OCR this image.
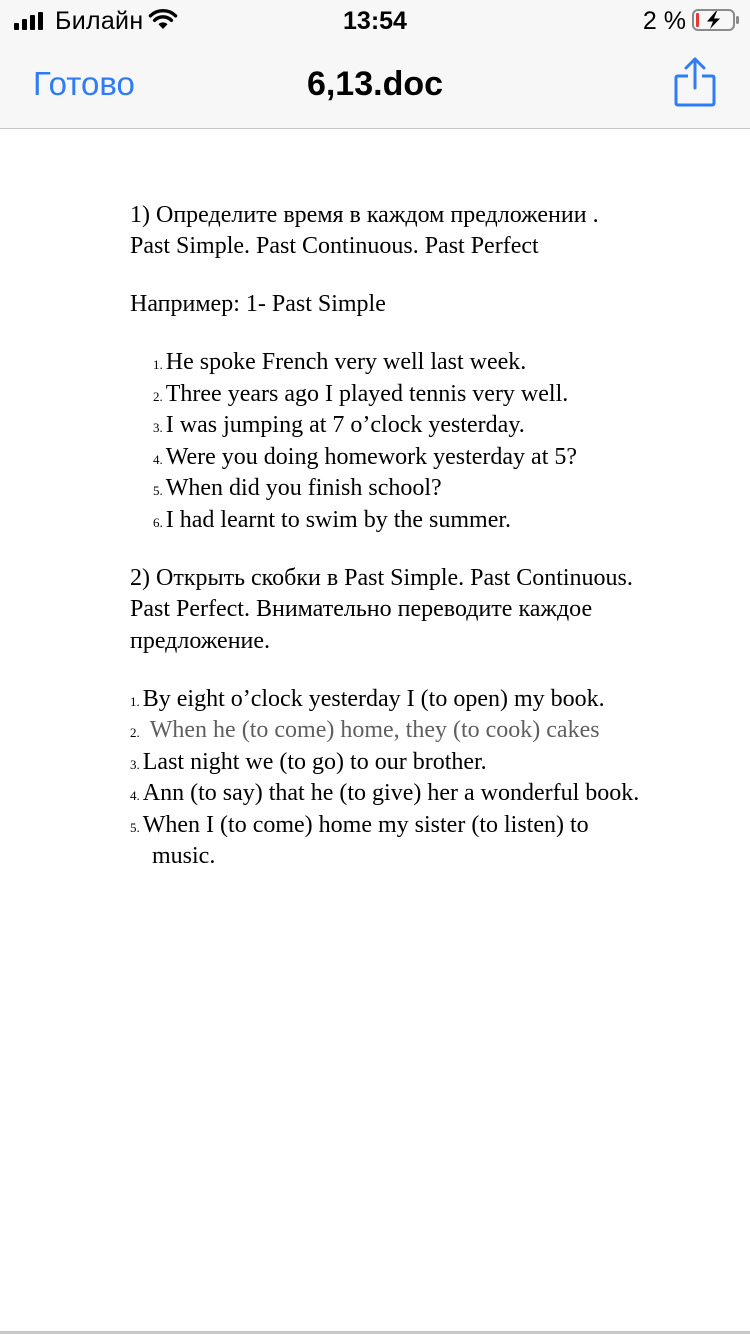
Билайн	13:54	2 %
Готово	6,13.doc
1) Определите время в каждом предложении .
Past Simple. Past Continuous. Past Perfect
Например: 1- Past Simple
1. He spoke French very well last week.
2. Three years ago I played tennis very well.
3. I was jumping at 7 o’clock yesterday.
4. Were you doing homework yesterday at 5?
5. When did you finish school?
6. I had learnt to swim by the summer.
2) Открыть скобки в Past Simple. Past Continuous.
Past Perfect. Внимательно переводите каждое
предложение.
1. By eight o’clock yesterday I (to open) my book.
2. When he (to come) home, they (to cook) cakes
3. Last night we (to go) to our brother.
4. Ann (to say) that he (to give) her a wonderful book.
5. When I (to come) home my sister (to listen) to
music.
